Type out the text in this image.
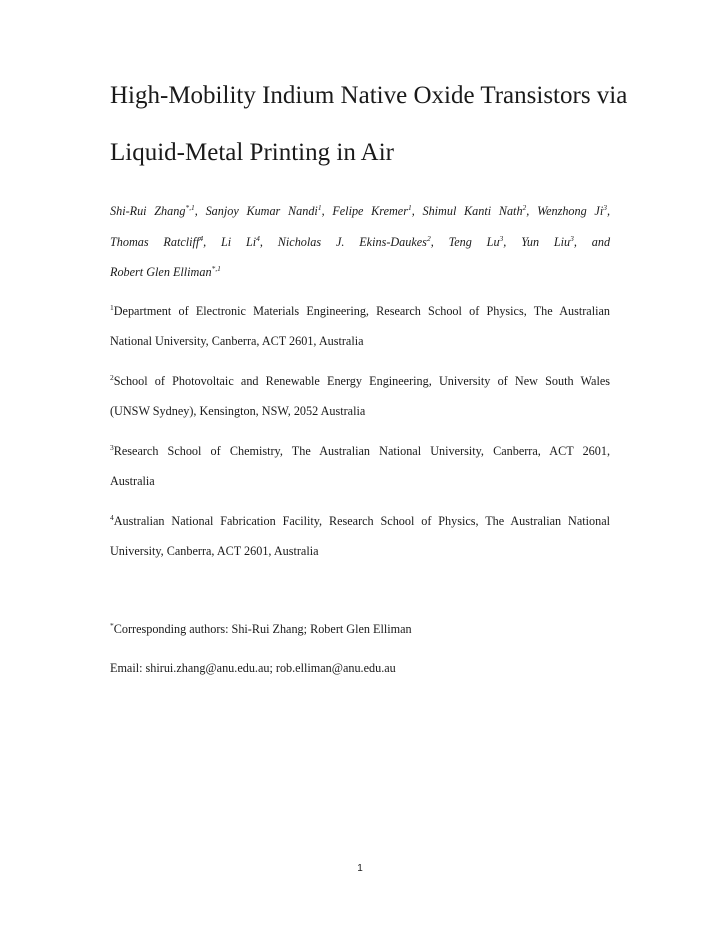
High-Mobility Indium Native Oxide Transistors via
Liquid-Metal Printing in Air
Shi-Rui Zhang$^{*,1}$, Sanjoy Kumar Nandi$^1$, Felipe Kremer$^1$, Shimul Kanti Nath$^2$, Wenzhong Ji$^3$,
Thomas Ratcliff$^4$, Li Li$^4$, Nicholas J. Ekins-Daukes$^2$, Teng Lu$^3$, Yun Liu$^3$, and
Robert Glen Elliman$^{*,1}$
$^1$Department of Electronic Materials Engineering, Research School of Physics, The Australian
National University, Canberra, ACT 2601, Australia
$^2$School of Photovoltaic and Renewable Energy Engineering, University of New South Wales
(UNSW Sydney), Kensington, NSW, 2052 Australia
$^3$Research School of Chemistry, The Australian National University, Canberra, ACT 2601,
Australia
$^4$Australian National Fabrication Facility, Research School of Physics, The Australian National
University, Canberra, ACT 2601, Australia
*Corresponding authors: Shi-Rui Zhang; Robert Glen Elliman
Email: shirui.zhang@anu.edu.au; rob.elliman@anu.edu.au
1
